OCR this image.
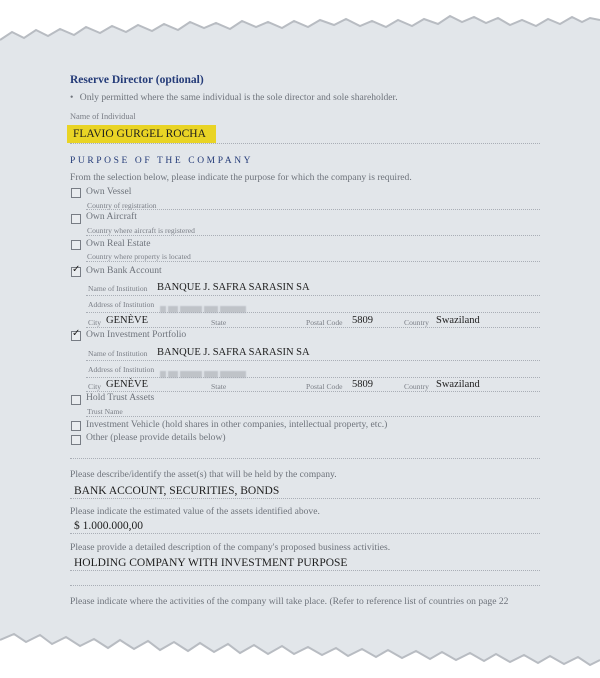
Reserve Director (optional)
• Only permitted where the same individual is the sole director and sole shareholder.
Name of Individual
FLAVIO GURGEL ROCHA
PURPOSE OF THE COMPANY
From the selection below, please indicate the purpose for which the company is required.
Own Vessel
Country of registration
Own Aircraft
Country where aircraft is registered
Own Real Estate
Country where property is located
✓ Own Bank Account
Name of Institution BANQUE J. SAFRA SARASIN SA
Address of Institution
City GENÈVE	State	Postal Code 5809	Country Swaziland
✓ Own Investment Portfolio
Name of Institution BANQUE J. SAFRA SARASIN SA
Address of Institution
City GENÈVE	State	Postal Code 5809	Country Swaziland
Hold Trust Assets
Trust Name
Investment Vehicle (hold shares in other companies, intellectual property, etc.)
Other (please provide details below)
Please describe/identify the asset(s) that will be held by the company.
BANK ACCOUNT, SECURITIES, BONDS
Please indicate the estimated value of the assets identified above.
$ 1.000.000,00
Please provide a detailed description of the company's proposed business activities.
HOLDING COMPANY WITH INVESTMENT PURPOSE
Please indicate where the activities of the company will take place. (Refer to reference list of countries on page 22
